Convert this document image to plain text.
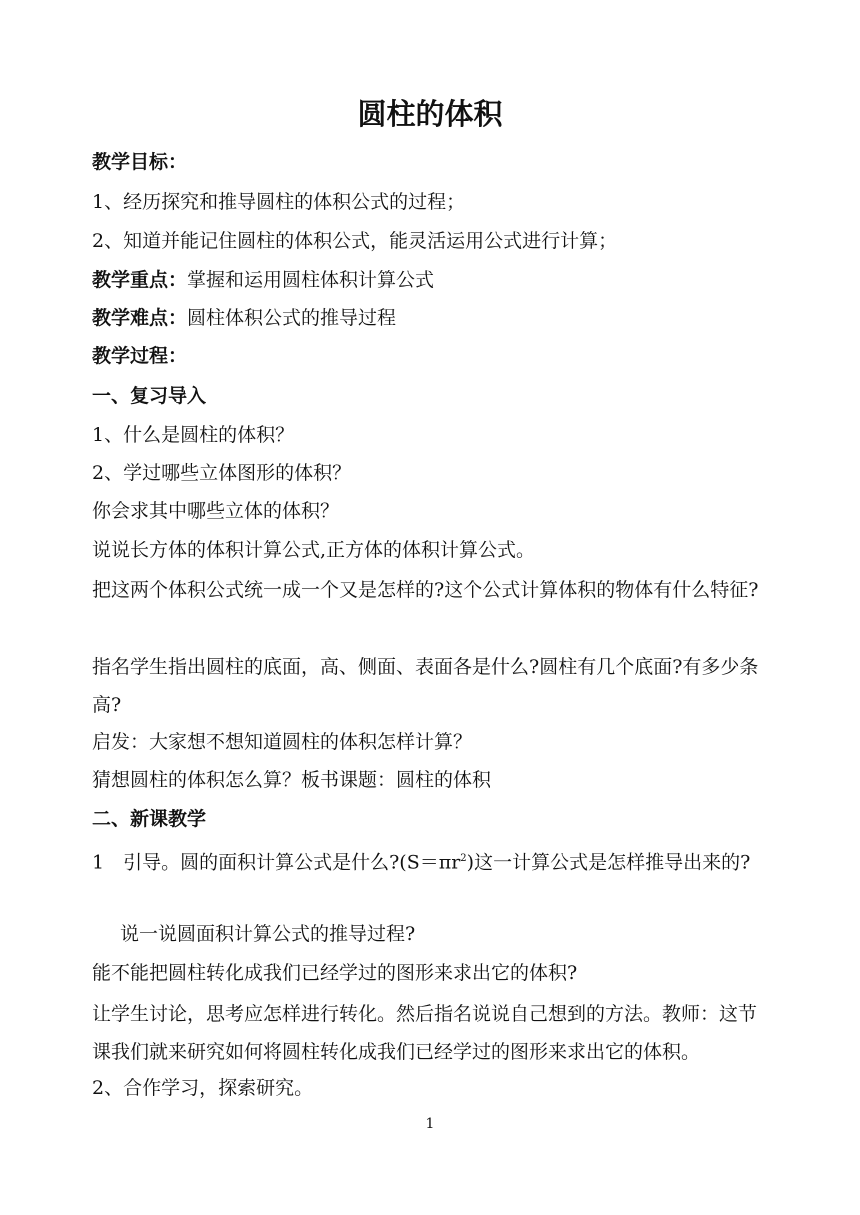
圆柱的体积
教学目标：
1、经历探究和推导圆柱的体积公式的过程；
2、知道并能记住圆柱的体积公式，能灵活运用公式进行计算；
教学重点：掌握和运用圆柱体积计算公式
教学难点：圆柱体积公式的推导过程
教学过程：
一、复习导入
1、什么是圆柱的体积？
2、学过哪些立体图形的体积？
你会求其中哪些立体的体积？
说说长方体的体积计算公式,正方体的体积计算公式。
把这两个体积公式统一成一个又是怎样的?这个公式计算体积的物体有什么特征?
指名学生指出圆柱的底面，高、侧面、表面各是什么?圆柱有几个底面?有多少条高?
启发：大家想不想知道圆柱的体积怎样计算？
猜想圆柱的体积怎么算？板书课题：圆柱的体积
二、新课教学
1　引导。圆的面积计算公式是什么$?(S=\pi r^2)$这一计算公式是怎样推导出来的?
说一说圆面积计算公式的推导过程?
能不能把圆柱转化成我们已经学过的图形来求出它的体积?
让学生讨论，思考应怎样进行转化。然后指名说说自己想到的方法。教师：这节课我们就来研究如何将圆柱转化成我们已经学过的图形来求出它的体积。
2、合作学习，探索研究。
1
